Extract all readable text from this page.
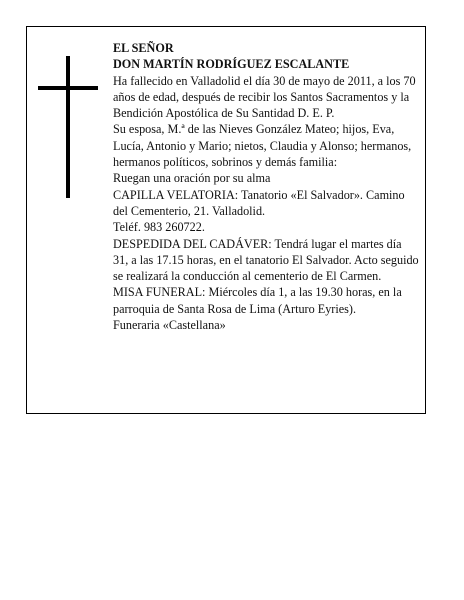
EL SEÑOR

DON MARTÍN RODRÍGUEZ ESCALANTE

Ha fallecido en Valladolid el día 30 de mayo de 2011, a los 70 años de edad, después de recibir los Santos Sacramentos y la Bendición Apostólica de Su Santidad D. E. P.

Su esposa, M.ª de las Nieves González Mateo; hijos, Eva, Lucía, Antonio y Mario; nietos, Claudia y Alonso; hermanos, hermanos políticos, sobrinos y demás familia:

Ruegan una oración por su alma

CAPILLA VELATORIA: Tanatorio «El Salvador». Camino del Cementerio, 21. Valladolid.

Teléf. 983 260722.

DESPEDIDA DEL CADÁVER: Tendrá lugar el martes día 31, a las 17.15 horas, en el tanatorio El Salvador. Acto seguido se realizará la conducción al cementerio de El Carmen.

MISA FUNERAL: Miércoles día 1, a las 19.30 horas, en la parroquia de Santa Rosa de Lima (Arturo Eyries).

Funeraria «Castellana»
